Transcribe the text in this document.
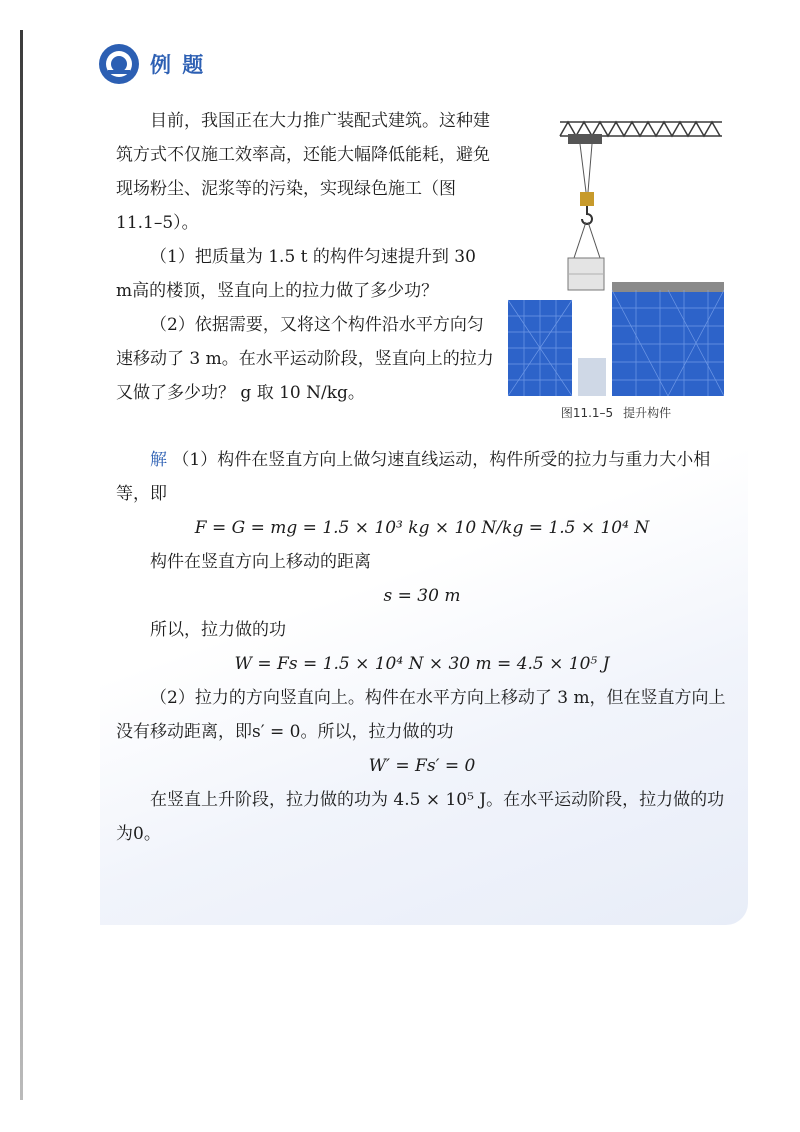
例 题

目前，我国正在大力推广装配式建筑。这种建筑方式不仅施工效率高，还能大幅降低能耗，避免现场粉尘、泥浆等的污染，实现绿色施工（图 11.1–5）。

（1）把质量为 1.5 t 的构件匀速提升到 30 m高的楼顶，竖直向上的拉力做了多少功？

（2）依据需要，又将这个构件沿水平方向匀速移动了 3 m。在水平运动阶段，竖直向上的拉力又做了多少功？ g 取 10 N/kg。

图11.1–5 提升构件

解 （1）构件在竖直方向上做匀速直线运动，构件所受的拉力与重力大小相等，即

F = G = mg = 1.5 × 10³ kg × 10 N/kg = 1.5 × 10⁴ N

构件在竖直方向上移动的距离

s = 30 m

所以，拉力做的功

W = Fs = 1.5 × 10⁴ N × 30 m = 4.5 × 10⁵ J

（2）拉力的方向竖直向上。构件在水平方向上移动了 3 m，但在竖直方向上没有移动距离，即s′ = 0。所以，拉力做的功

W′ = Fs′ = 0

在竖直上升阶段，拉力做的功为 4.5 × 10⁵ J。在水平运动阶段，拉力做的功为0。
